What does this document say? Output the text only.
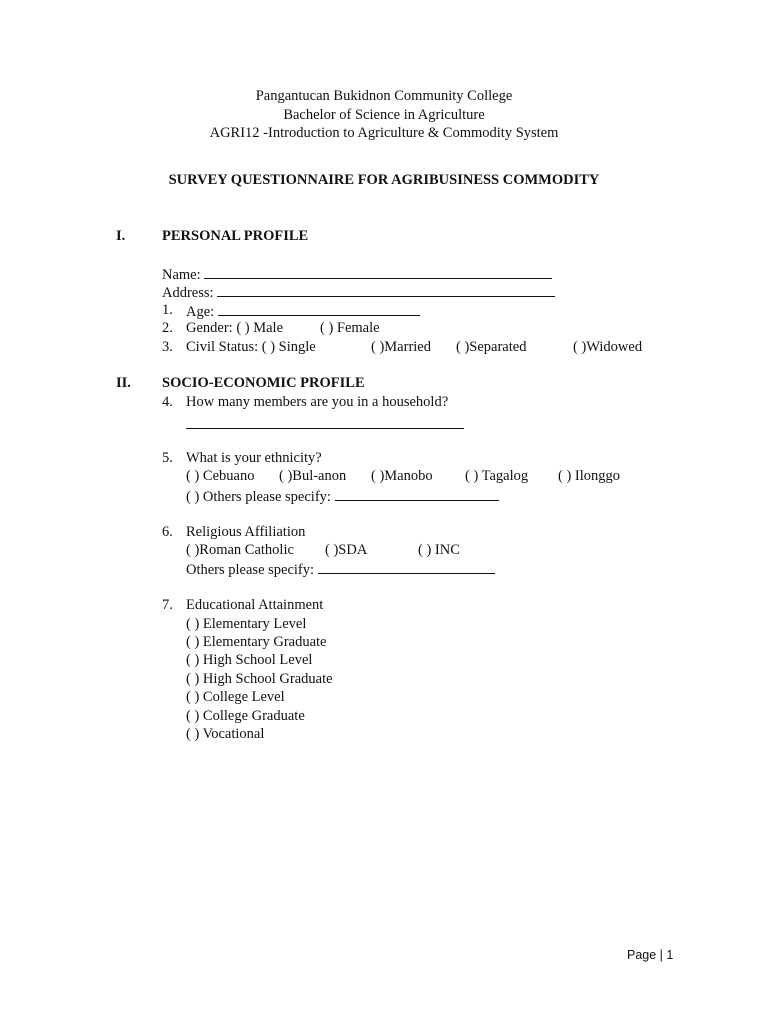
Pangantucan Bukidnon Community College
Bachelor of Science in Agriculture
AGRI12 -Introduction to Agriculture & Commodity System
SURVEY QUESTIONNAIRE FOR AGRIBUSINESS COMMODITY
I.	PERSONAL PROFILE
Name:
Address:
1. Age:
2. Gender: ( ) Male	( ) Female
3. Civil Status: ( ) Single	( )Married ( )Separated	( )Widowed
II. SOCIO-ECONOMIC PROFILE
4. How many members are you in a household?
5. What is your ethnicity?
( ) Cebuano ( )Bul-anon ( )Manobo ( ) Tagalog ( ) Ilonggo
( ) Others please specify:
6. Religious Affiliation
( )Roman Catholic ( )SDA	( ) INC
Others please specify:
7. Educational Attainment
( ) Elementary Level
( ) Elementary Graduate
( ) High School Level
( ) High School Graduate
( ) College Level
( ) College Graduate
( ) Vocational
Page | 1
